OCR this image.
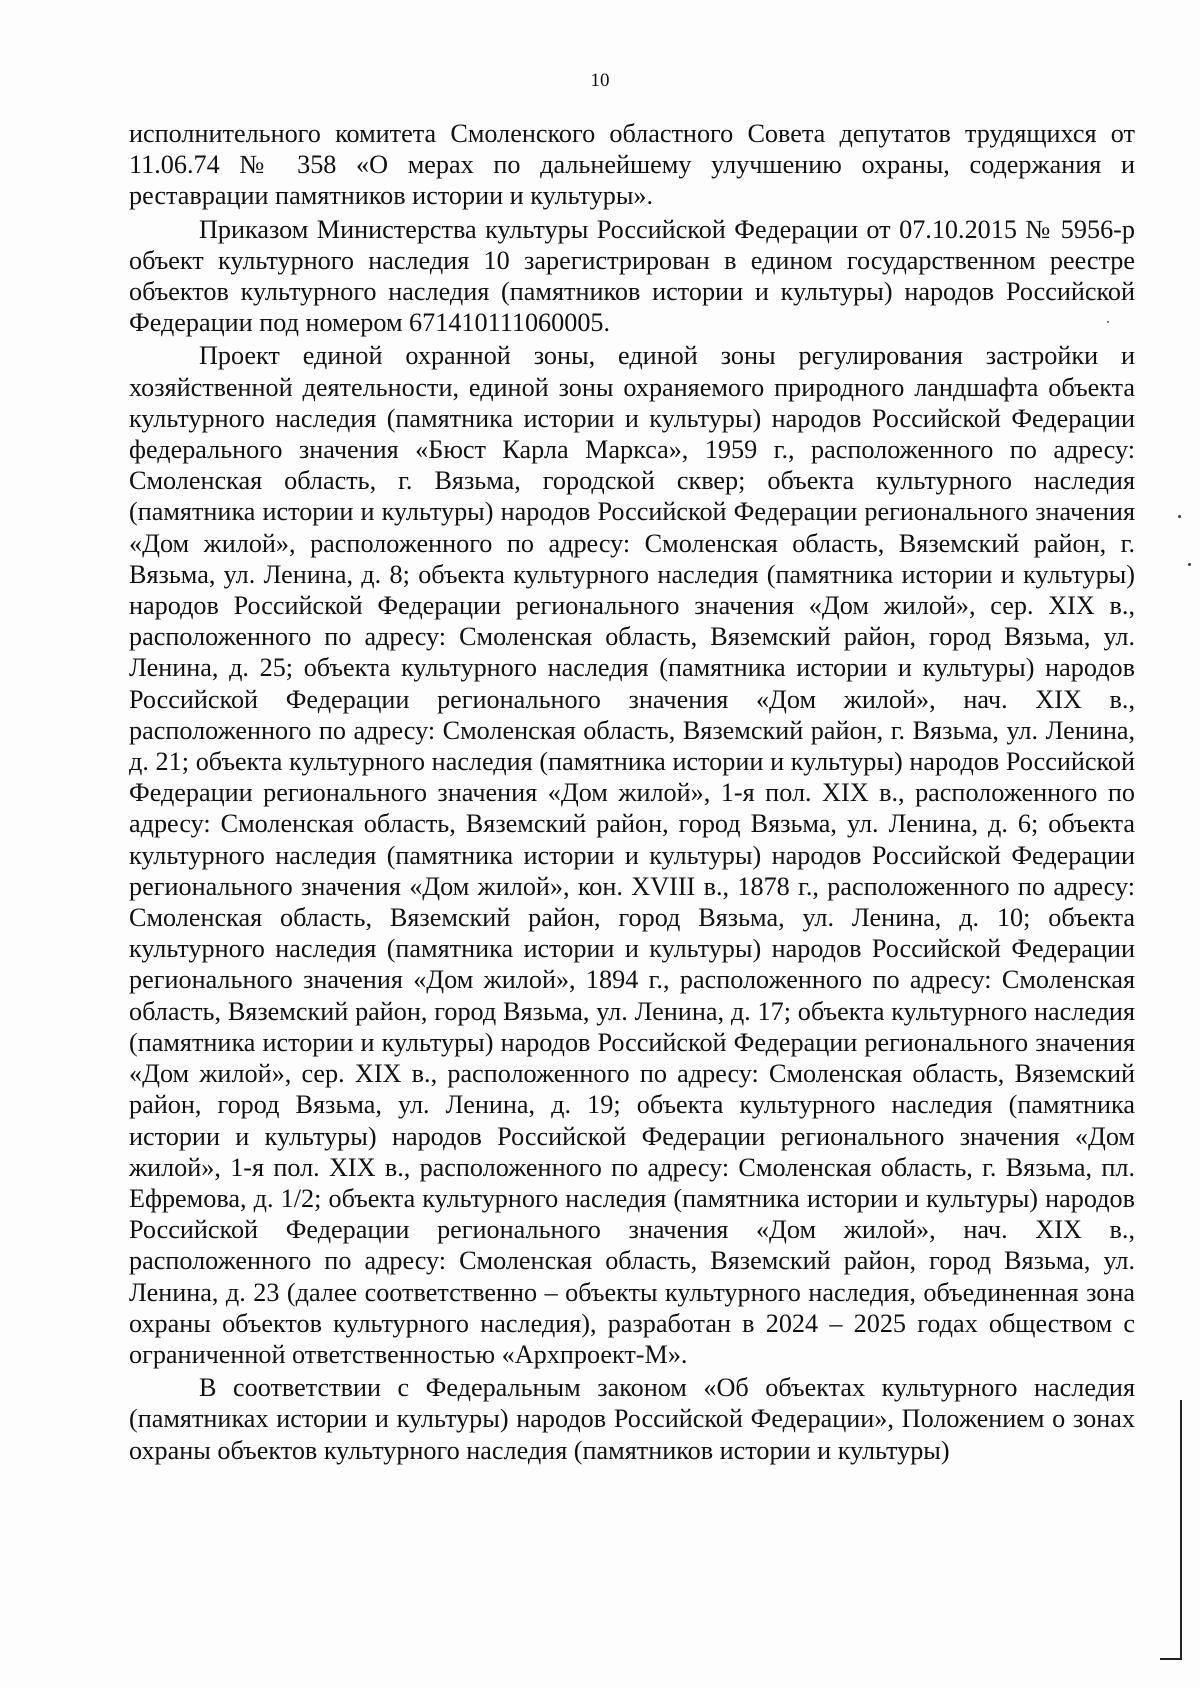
10

исполнительного комитета Смоленского областного Совета депутатов трудящихся от 11.06.74 № 358 «О мерах по дальнейшему улучшению охраны, содержания и реставрации памятников истории и культуры».

Приказом Министерства культуры Российской Федерации от 07.10.2015 № 5956-р объект культурного наследия 10 зарегистрирован в едином государственном реестре объектов культурного наследия (памятников истории и культуры) народов Российской Федерации под номером 671410111060005.

Проект единой охранной зоны, единой зоны регулирования застройки и хозяйственной деятельности, единой зоны охраняемого природного ландшафта объекта культурного наследия (памятника истории и культуры) народов Российской Федерации федерального значения «Бюст Карла Маркса», 1959 г., расположенного по адресу: Смоленская область, г. Вязьма, городской сквер; объекта культурного наследия (памятника истории и культуры) народов Российской Федерации регионального значения «Дом жилой», расположенного по адресу: Смоленская область, Вяземский район, г. Вязьма, ул. Ленина, д. 8; объекта культурного наследия (памятника истории и культуры) народов Российской Федерации регионального значения «Дом жилой», сер. XIX в., расположенного по адресу: Смоленская область, Вяземский район, город Вязьма, ул. Ленина, д. 25; объекта культурного наследия (памятника истории и культуры) народов Российской Федерации регионального значения «Дом жилой», нач. XIX в., расположенного по адресу: Смоленская область, Вяземский район, г. Вязьма, ул. Ленина, д. 21; объекта культурного наследия (памятника истории и культуры) народов Российской Федерации регионального значения «Дом жилой», 1-я пол. XIX в., расположенного по адресу: Смоленская область, Вяземский район, город Вязьма, ул. Ленина, д. 6; объекта культурного наследия (памятника истории и культуры) народов Российской Федерации регионального значения «Дом жилой», кон. XVIII в., 1878 г., расположенного по адресу: Смоленская область, Вяземский район, город Вязьма, ул. Ленина, д. 10; объекта культурного наследия (памятника истории и культуры) народов Российской Федерации регионального значения «Дом жилой», 1894 г., расположенного по адресу: Смоленская область, Вяземский район, город Вязьма, ул. Ленина, д. 17; объекта культурного наследия (памятника истории и культуры) народов Российской Федерации регионального значения «Дом жилой», сер. XIX в., расположенного по адресу: Смоленская область, Вяземский район, город Вязьма, ул. Ленина, д. 19; объекта культурного наследия (памятника истории и культуры) народов Российской Федерации регионального значения «Дом жилой», 1-я пол. XIX в., расположенного по адресу: Смоленская область, г. Вязьма, пл. Ефремова, д. 1/2; объекта культурного наследия (памятника истории и культуры) народов Российской Федерации регионального значения «Дом жилой», нач. XIX в., расположенного по адресу: Смоленская область, Вяземский район, город Вязьма, ул. Ленина, д. 23 (далее соответственно – объекты культурного наследия, объединенная зона охраны объектов культурного наследия), разработан в 2024 – 2025 годах обществом с ограниченной ответственностью «Архпроект-М».

В соответствии с Федеральным законом «Об объектах культурного наследия (памятниках истории и культуры) народов Российской Федерации», Положением о зонах охраны объектов культурного наследия (памятников истории и культуры)
